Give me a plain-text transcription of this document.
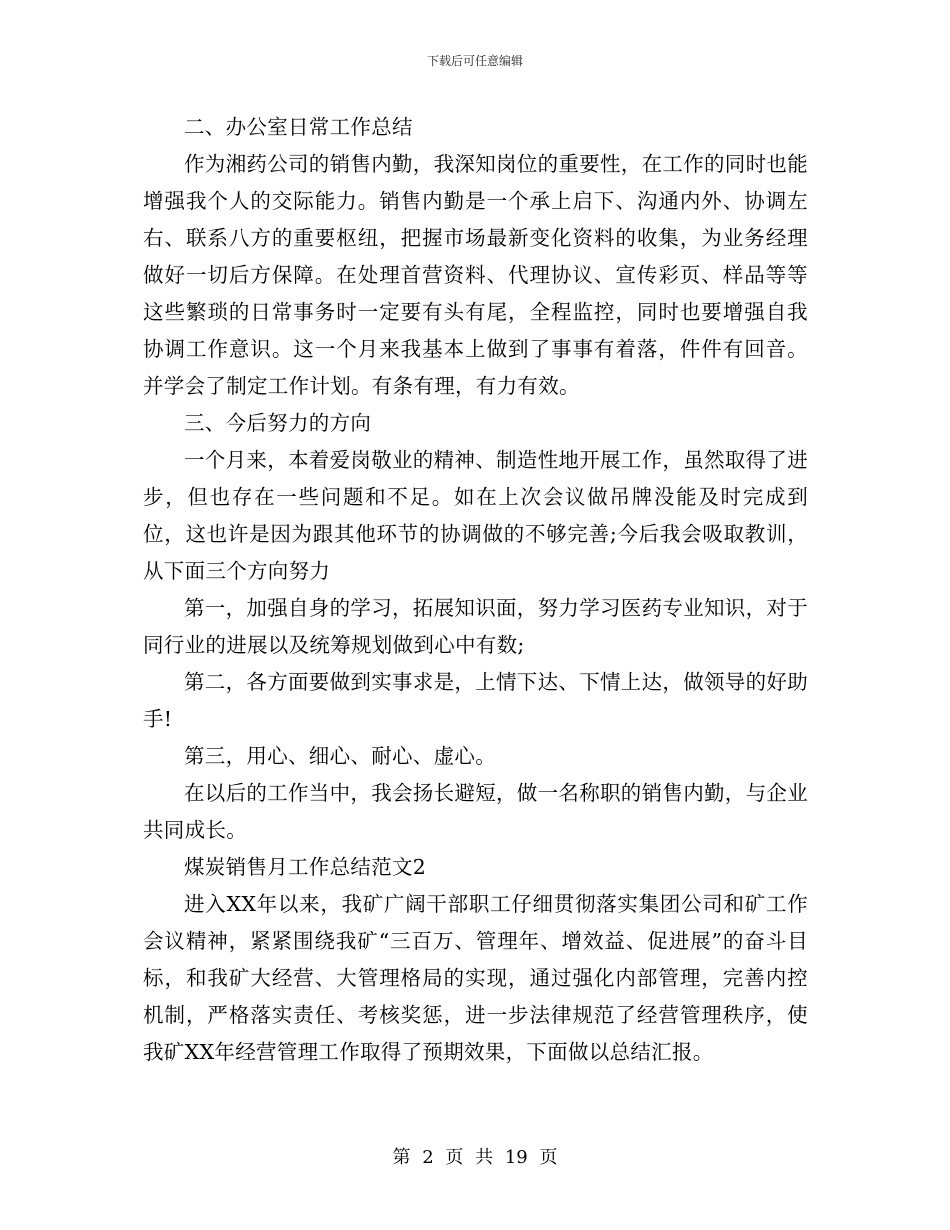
下载后可任意编辑

二、办公室日常工作总结

作为湘药公司的销售内勤，我深知岗位的重要性，在工作的同时也能增强我个人的交际能力。销售内勤是一个承上启下、沟通内外、协调左右、联系八方的重要枢纽，把握市场最新变化资料的收集，为业务经理做好一切后方保障。在处理首营资料、代理协议、宣传彩页、样品等等这些繁琐的日常事务时一定要有头有尾，全程监控，同时也要增强自我协调工作意识。这一个月来我基本上做到了事事有着落，件件有回音。并学会了制定工作计划。有条有理，有力有效。

三、今后努力的方向

一个月来，本着爱岗敬业的精神、制造性地开展工作，虽然取得了进步，但也存在一些问题和不足。如在上次会议做吊牌没能及时完成到位，这也许是因为跟其他环节的协调做的不够完善;今后我会吸取教训，从下面三个方向努力

第一，加强自身的学习，拓展知识面，努力学习医药专业知识，对于同行业的进展以及统筹规划做到心中有数;

第二，各方面要做到实事求是，上情下达、下情上达，做领导的好助手!

第三，用心、细心、耐心、虚心。

在以后的工作当中，我会扬长避短，做一名称职的销售内勤，与企业共同成长。

煤炭销售月工作总结范文2

进入XX年以来，我矿广阔干部职工仔细贯彻落实集团公司和矿工作会议精神，紧紧围绕我矿“三百万、管理年、增效益、促进展”的奋斗目标，和我矿大经营、大管理格局的实现，通过强化内部管理，完善内控机制，严格落实责任、考核奖惩，进一步法律规范了经营管理秩序，使我矿XX年经营管理工作取得了预期效果，下面做以总结汇报。

第 2 页 共 19 页
